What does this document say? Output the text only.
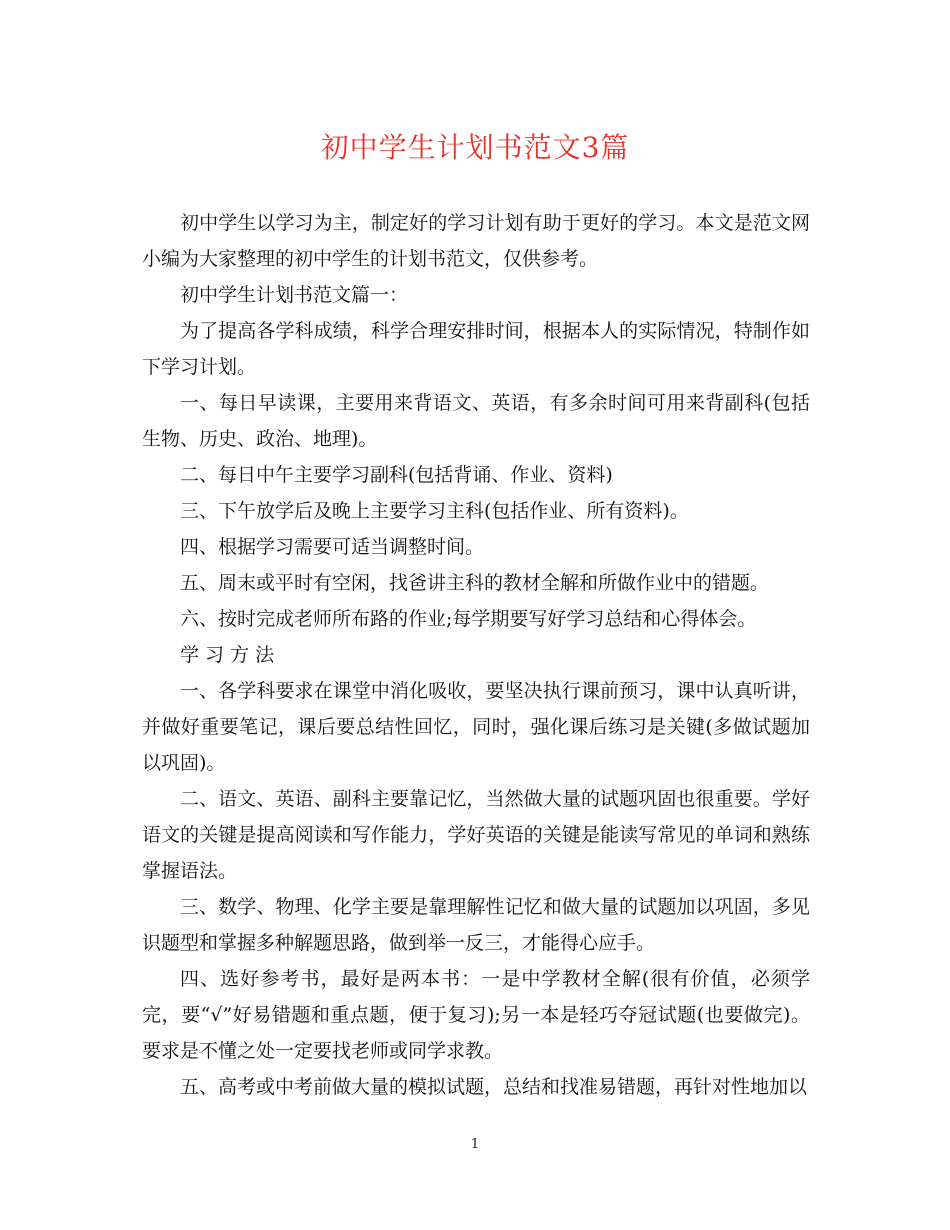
初中学生计划书范文3篇

初中学生以学习为主，制定好的学习计划有助于更好的学习。本文是范文网小编为大家整理的初中学生的计划书范文，仅供参考。

初中学生计划书范文篇一：

为了提高各学科成绩，科学合理安排时间，根据本人的实际情况，特制作如下学习计划。

一、每日早读课，主要用来背语文、英语，有多余时间可用来背副科(包括生物、历史、政治、地理)。

二、每日中午主要学习副科(包括背诵、作业、资料)

三、下午放学后及晚上主要学习主科(包括作业、所有资料)。

四、根据学习需要可适当调整时间。

五、周末或平时有空闲，找爸讲主科的教材全解和所做作业中的错题。

六、按时完成老师所布路的作业;每学期要写好学习总结和心得体会。

学 习 方 法

一、各学科要求在课堂中消化吸收，要坚决执行课前预习，课中认真听讲，并做好重要笔记，课后要总结性回忆，同时，强化课后练习是关键(多做试题加以巩固)。

二、语文、英语、副科主要靠记忆，当然做大量的试题巩固也很重要。学好语文的关键是提高阅读和写作能力，学好英语的关键是能读写常见的单词和熟练掌握语法。

三、数学、物理、化学主要是靠理解性记忆和做大量的试题加以巩固，多见识题型和掌握多种解题思路，做到举一反三，才能得心应手。

四、选好参考书，最好是两本书：一是中学教材全解(很有价值，必须学完，要“√”好易错题和重点题，便于复习);另一本是轻巧夺冠试题(也要做完)。要求是不懂之处一定要找老师或同学求教。

五、高考或中考前做大量的模拟试题，总结和找准易错题，再针对性地加以

1
